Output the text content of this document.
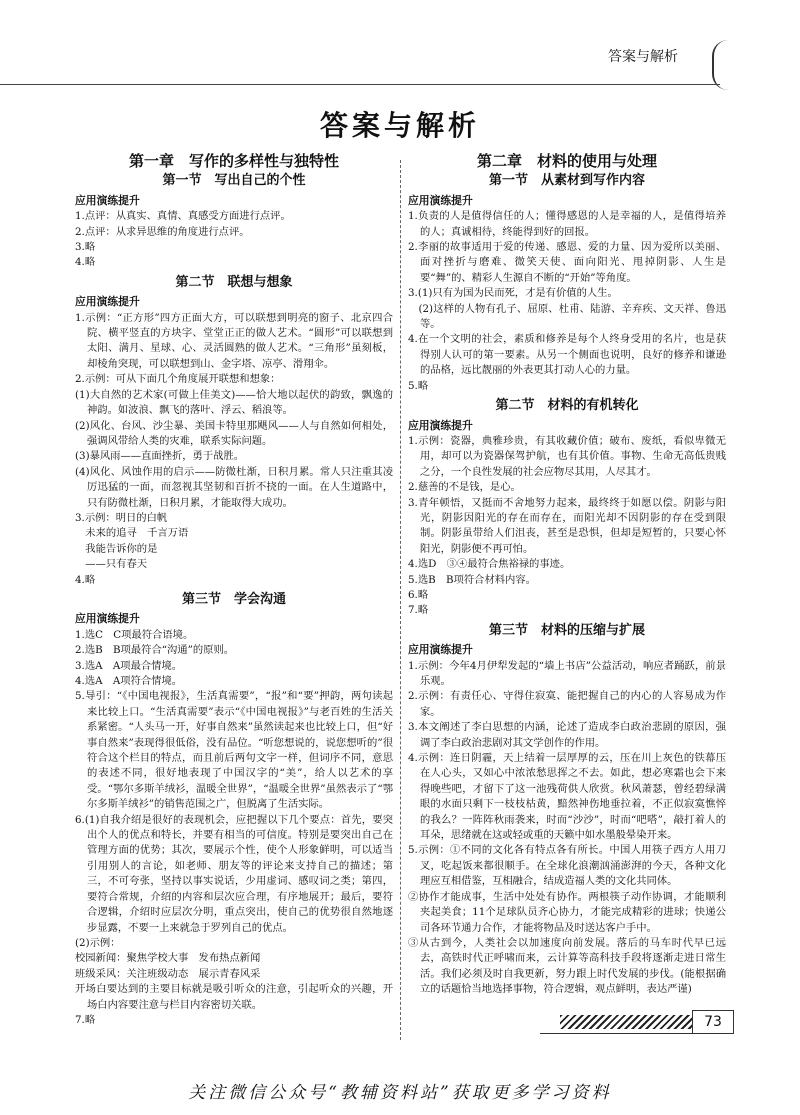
答案与解析
答案与解析
第一章　写作的多样性与独特性
第一节　写出自己的个性
应用演练提升
1.点评：从真实、真情、真感受方面进行点评。
2.点评：从求异思维的角度进行点评。
3.略
4.略
第二节　联想与想象
应用演练提升
1.示例：“正方形”四方正面大方，可以联想到明亮的窗子、北京四合院、横平竖直的方块字、堂堂正正的做人艺术。“圆形”可以联想到太阳、满月、星球、心、灵活圆熟的做人艺术。“三角形”虽刻板，却棱角突现，可以联想到山、金字塔、凉亭、滑翔伞。
2.示例：可从下面几个角度展开联想和想象：
(1)大自然的艺术家(可做上佳美文)——恰大地以起伏的韵致，飘逸的神韵。如波浪、飘飞的落叶、浮云、稻浪等。
(2)风化、台风、沙尘暴、美国卡特里那飓风——人与自然如何相处，强调风带给人类的灾难，联系实际问题。
(3)暴风雨——直面挫折，勇于战胜。
(4)风化、风蚀作用的启示——防微杜渐，日积月累。常人只注重其凌厉迅猛的一面，而忽视其坚韧和百折不挠的一面。在人生道路中，只有防微杜渐，日积月累，才能取得大成功。
3.示例：明日的白帆
　未来的追寻　千言万语
　我能告诉你的是
　——只有春天
4.略
第三节　学会沟通
应用演练提升
1.选C　C项最符合语境。
2.选B　B项最符合“沟通”的原则。
3.选A　A项最合情境。
4.选A　A项符合情境。
5.导引：“《中国电视报》，生活真需要”，“报”和“要”押韵，两句读起来比较上口。“生活真需要”表示“《中国电视报》”与老百姓的生活关系紧密。“人头马一开，好事自然来”虽然读起来也比较上口，但“好事自然来”表现得很低俗，没有品位。“听您想说的，说您想听的”很符合这个栏目的特点，而且前后两句文字一样，但词序不同，意思的表述不同，很好地表现了中国汉字的“美”，给人以艺术的享受。“鄂尔多斯羊绒衫，温暖全世界”，“温暖全世界”虽然表示了“鄂尔多斯羊绒衫”的销售范围之广，但脱离了生活实际。
6.(1)自我介绍是很好的表现机会，应把握以下几个要点：首先，要突出个人的优点和特长，并要有相当的可信度。特别是要突出自己在管理方面的优势；其次，要展示个性，使个人形象鲜明，可以适当引用别人的言论，如老师、朋友等的评论来支持自己的描述；第三，不可夸张，坚持以事实说话，少用虚词、感叹词之类；第四，要符合常规，介绍的内容和层次应合理，有序地展开；最后，要符合逻辑，介绍时应层次分明，重点突出，使自己的优势很自然地逐步显露，不要一上来就急于罗列自己的优点。
(2)示例：
校园新闻：聚焦学校大事　发布热点新闻
班级采风：关注班级动态　展示青春风采
开场白要达到的主要目标就是吸引听众的注意，引起听众的兴趣，开场白内容要注意与栏目内容密切关联。
7.略
第二章　材料的使用与处理
第一节　从素材到写作内容
应用演练提升
1.负责的人是值得信任的人；懂得感恩的人是幸福的人，是值得培养的人；真诚相待，终能得到好的回报。
2.李丽的故事适用于爱的传递、感恩、爱的力量、因为爱所以美丽、面对挫折与磨难、微笑天使、面向阳光、甩掉阴影、人生是要“舞”的、精彩人生源自不断的“开始”等角度。
3.(1)只有为国为民而死，才是有价值的人生。
　(2)这样的人物有孔子、屈原、杜甫、陆游、辛弃疾、文天祥、鲁迅等。
4.在一个文明的社会，素质和修养是每个人终身受用的名片，也是获得别人认可的第一要素。从另一个侧面也说明，良好的修养和谦逊的品格，远比靓丽的外表更其打动人心的力量。
5.略
第二节　材料的有机转化
应用演练提升
1.示例：瓷器，典雅珍贵，有其收藏价值；破布、废纸，看似卑微无用，却可以为瓷器保驾护航，也有其价值。事物、生命无高低贵贱之分，一个良性发展的社会应物尽其用，人尽其才。
2.慈善的不是钱，是心。
3.青年顿悟，又挺而不舍地努力起来，最终终于如愿以偿。阴影与阳光，阴影因阳光的存在而存在，而阳光却不因阴影的存在受到限制。阴影虽带给人们沮丧，甚至是恐惧，但却是短暂的，只要心怀阳光，阴影便不再可怕。
4.选D　③④最符合焦裕禄的事迹。
5.选B　B项符合材料内容。
6.略
7.略
第三节　材料的压缩与扩展
应用演练提升
1.示例：今年4月伊犁发起的“墙上书店”公益活动，响应者踊跃，前景乐观。
2.示例：有责任心、守得住寂寞、能把握自己的内心的人容易成为作家。
3.本文阐述了李白思想的内涵，论述了造成李白政治悲剧的原因，强调了李白政治悲剧对其文学创作的作用。
4.示例：连日阴霾，天上结着一层厚厚的云，压在川上灰色的铁幕压在人心头，又如心中浓浓愁思挥之不去。如此，想必寒霜也会下来得晚些吧，才留下了这一池残荷供人欣赏。秋风萧瑟，曾经碧绿满眼的水面只剩下一枝枝枯黄，黯然神伤地垂拉着，不正似寂寞憔悴的我么？一阵阵秋雨袭来，时而“沙沙”，时而“吧嗒”，敲打着人的耳朵，思绪就在这或轻或重的天籁中如水墨般晕染开来。
5.示例：①不同的文化各有特点各有所长。中国人用筷子西方人用刀叉，吃起饭来都很顺手。在全球化浪潮汹涌澎湃的今天，各种文化理应互相借鉴，互相融合，结成造福人类的文化共同体。
②协作才能成事，生活中处处有协作。两根筷子动作协调，才能顺利夹起美食；11个足球队员齐心协力，才能完成精彩的进球；快递公司各环节通力合作，才能将物品及时送达客户手中。
③从古到今，人类社会以加速度向前发展。落后的马车时代早已远去，高铁时代正呼啸而来，云计算等高科技手段将逐渐走进日常生活。我们必须及时自我更新，努力跟上时代发展的步伐。(能根据确立的话题恰当地选择事物，符合逻辑，观点鲜明，表达严谨)
73
关注微信公众号“教辅资料站”获取更多学习资料
